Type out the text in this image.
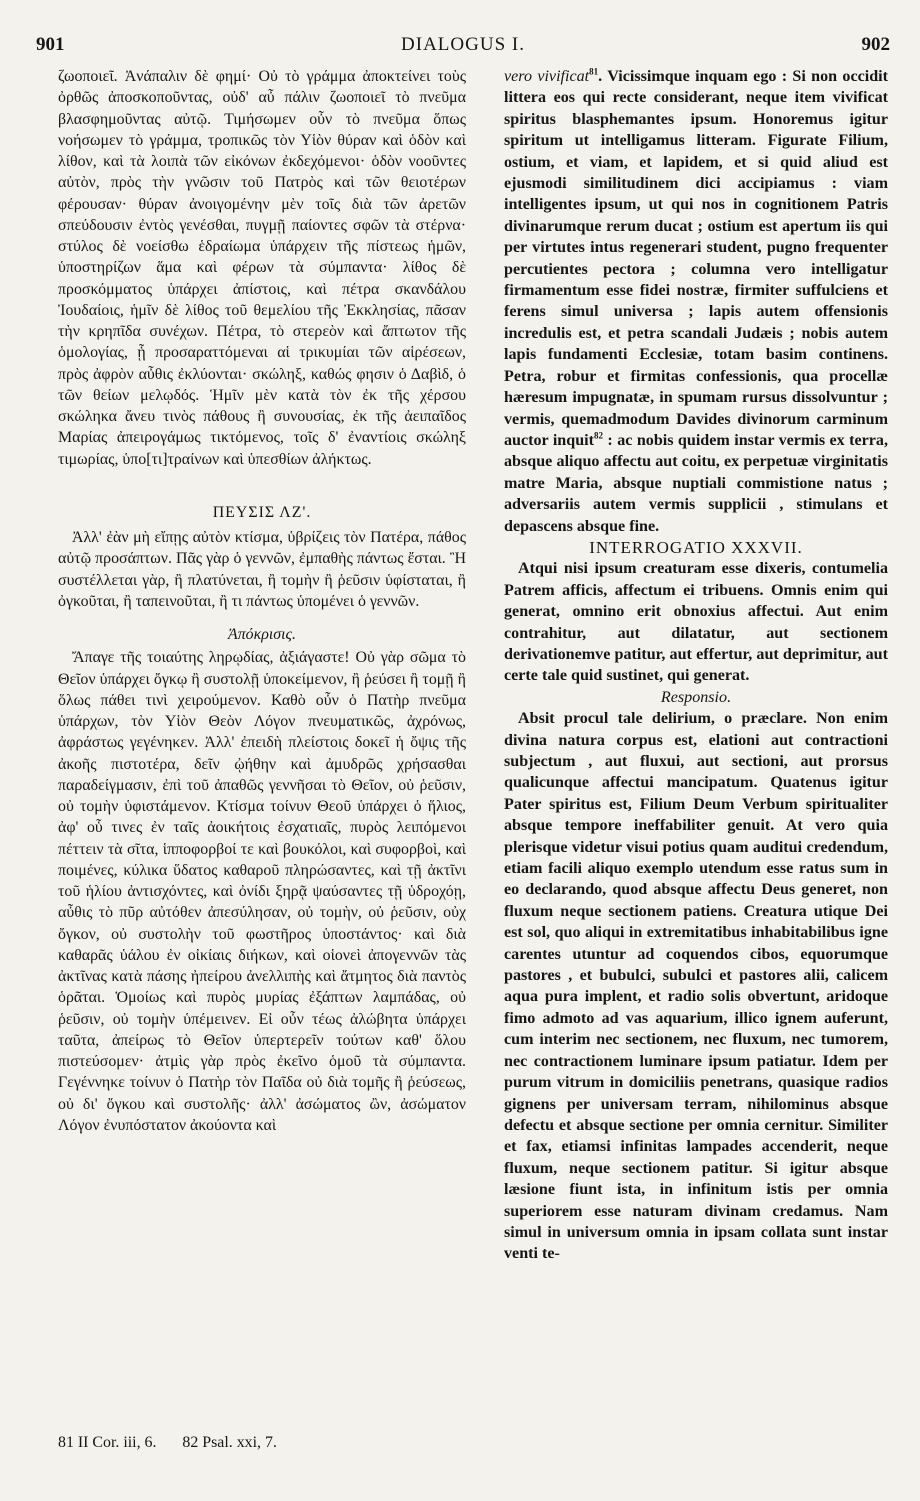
901	DIALOGUS I.	902

ζωοποιεῖ. Ἀνάπαλιν δὲ φημί· Οὐ τὸ γράμμα ἀποκτείνει τοὺς ὀρθῶς ἀποσκοποῦντας, οὐδ' αὖ πάλιν ζωοποιεῖ τὸ πνεῦμα βλασφημοῦντας αὐτῷ. Τιμήσωμεν οὖν τὸ πνεῦμα ὅπως νοήσωμεν τὸ γράμμα, τροπικῶς τὸν Υἱὸν θύραν καὶ ὁδὸν καὶ λίθον, καὶ τὰ λοιπὰ τῶν εἰκόνων ἐκδεχόμενοι· ὁδὸν νοοῦντες αὐτὸν, πρὸς τὴν γνῶσιν τοῦ Πατρὸς καὶ τῶν θειοτέρων φέρουσαν· θύραν ἀνοιγομένην μὲν τοῖς διὰ τῶν ἀρετῶν σπεύδουσιν ἐντὸς γενέσθαι, πυγμῇ παίοντες σφῶν τὰ στέρνα· στύλος δὲ νοείσθω ἑδραίωμα ὑπάρχειν τῆς πίστεως ἡμῶν, ὑποστηρίζων ἅμα καὶ φέρων τὰ σύμπαντα· λίθος δὲ προσκόμματος ὑπάρχει ἀπίστοις, καὶ πέτρα σκανδάλου Ἰουδαίοις, ἡμῖν δὲ λίθος τοῦ θεμελίου τῆς Ἐκκλησίας, πᾶσαν τὴν κρηπῖδα συνέχων. Πέτρα, τὸ στερεὸν καὶ ἄπτωτον τῆς ὁμολογίας, ᾗ προσαραττόμεναι αἱ τρικυμίαι τῶν αἱρέσεων, πρὸς ἀφρὸν αὖθις ἐκλύονται· σκώληξ, καθώς φησιν ὁ Δαβὶδ, ὁ τῶν θείων μελῳδός. Ἡμῖν μὲν κατὰ τὸν ἐκ τῆς χέρσου σκώληκα ἄνευ τινὸς πάθους ἢ συνουσίας, ἐκ τῆς ἀειπαῖδος Μαρίας ἀπειρογάμως τικτόμενος, τοῖς δ' ἐναντίοις σκώληξ τιμωρίας, ὑπο[τι]τραίνων καὶ ὑπεσθίων ἀλήκτως.

ΠΕΥΣΙΣ ΛΖ'.

Ἀλλ' ἐὰν μὴ εἴπῃς αὐτὸν κτίσμα, ὑβρίζεις τὸν Πατέρα, πάθος αὐτῷ προσάπτων. Πᾶς γὰρ ὁ γεννῶν, ἐμπαθὴς πάντως ἔσται. Ἢ συστέλλεται γὰρ, ἢ πλατύνεται, ἢ τομὴν ἢ ῥεῦσιν ὑφίσταται, ἢ ὀγκοῦται, ἢ ταπεινοῦται, ἢ τι πάντως ὑπομένει ὁ γεννῶν.

Ἀπόκρισις.

Ἄπαγε τῆς τοιαύτης ληρῳδίας, ἀξιάγαστε! Οὐ γὰρ σῶμα τὸ Θεῖον ὑπάρχει ὄγκῳ ἢ συστολῇ ὑποκείμενον, ἢ ῥεύσει ἢ τομῇ ἢ ὅλως πάθει τινὶ χειρούμενον. Καθὸ οὖν ὁ Πατὴρ πνεῦμα ὑπάρχων, τὸν Υἱὸν Θεὸν Λόγον πνευματικῶς, ἀχρόνως, ἀφράστως γεγένηκεν. Ἀλλ' ἐπειδὴ πλείστοις δοκεῖ ἡ ὄψις τῆς ἀκοῆς πιστοτέρα, δεῖν ᾠήθην καὶ ἀμυδρῶς χρήσασθαι παραδείγμασιν, ἐπὶ τοῦ ἀπαθῶς γεννῆσαι τὸ Θεῖον, οὐ ῥεῦσιν, οὐ τομὴν ὑφιστάμενον. Κτίσμα τοίνυν Θεοῦ ὑπάρχει ὁ ἥλιος, ἀφ' οὗ τινες ἐν ταῖς ἀοικήτοις ἐσχατιαῖς, πυρὸς λειπόμενοι πέττειν τὰ σῖτα, ἱπποφορβοί τε καὶ βουκόλοι, καὶ συφορβοὶ, καὶ ποιμένες, κύλικα ὕδατος καθαροῦ πληρώσαντες, καὶ τῇ ἀκτῖνι τοῦ ἡλίου ἀντισχόντες, καὶ ὀνίδι ξηρᾷ ψαύσαντες τῇ ὑδροχόῃ, αὖθις τὸ πῦρ αὐτόθεν ἀπεσύλησαν, οὐ τομὴν, οὐ ῥεῦσιν, οὐχ ὄγκον, οὐ συστολὴν τοῦ φωστῆρος ὑποστάντος· καὶ διὰ καθαρᾶς ὑάλου ἐν οἰκίαις διήκων, καὶ οἱονεὶ ἀπογεννῶν τὰς ἀκτῖνας κατὰ πάσης ἠπείρου ἀνελλιπὴς καὶ ἄτμητος διὰ παντὸς ὁρᾶται. Ὁμοίως καὶ πυρὸς μυρίας ἐξάπτων λαμπάδας, οὐ ῥεῦσιν, οὐ τομὴν ὑπέμεινεν. Εἰ οὖν τέως ἀλώβητα ὑπάρχει ταῦτα, ἀπείρως τὸ Θεῖον ὑπερτερεῖν τούτων καθ' ὅλου πιστεύσομεν· ἀτμὶς γὰρ πρὸς ἐκεῖνο ὁμοῦ τὰ σύμπαντα. Γεγέννηκε τοίνυν ὁ Πατὴρ τὸν Παῖδα οὐ διὰ τομῆς ἢ ῥεύσεως, οὐ δι' ὄγκου καὶ συστολῆς· ἀλλ' ἀσώματος ὢν, ἀσώματον Λόγον ἐνυπόστατον ἀκούοντα καὶ

vero vivificat$^{81}$. Vicissimque inquam ego : Si non occidit littera eos qui recte considerant, neque item vivificat spiritus blasphemantes ipsum. Honoremus igitur spiritum ut intelligamus litteram. Figurate Filium, ostium, et viam, et lapidem, et si quid aliud est ejusmodi similitudinem dici accipiamus : viam intelligentes ipsum, ut qui nos in cognitionem Patris divinarumque rerum ducat ; ostium est apertum iis qui per virtutes intus regenerari student, pugno frequenter percutientes pectora ; columna vero intelligatur firmamentum esse fidei nostræ, firmiter suffulciens et ferens simul universa ; lapis autem offensionis incredulis est, et petra scandali Judæis ; nobis autem lapis fundamenti Ecclesiæ, totam basim continens. Petra, robur et firmitas confessionis, qua procellæ hæresum impugnatæ, in spumam rursus dissolvuntur ; vermis, quemadmodum Davides divinorum carminum auctor inquit$^{82}$ : ac nobis quidem instar vermis ex terra, absque aliquo affectu aut coitu, ex perpetuæ virginitatis matre Maria, absque nuptiali commistione natus ; adversariis autem vermis supplicii , stimulans et depascens absque fine.

INTERROGATIO XXXVII.

Atqui nisi ipsum creaturam esse dixeris, contumelia Patrem afficis, affectum ei tribuens. Omnis enim qui generat, omnino erit obnoxius affectui. Aut enim contrahitur, aut dilatatur, aut sectionem derivationemve patitur, aut effertur, aut deprimitur, aut certe tale quid sustinet, qui generat.

Responsio.

Absit procul tale delirium, o præclare. Non enim divina natura corpus est, elationi aut contractioni subjectum , aut fluxui, aut sectioni, aut prorsus qualicunque affectui mancipatum. Quatenus igitur Pater spiritus est, Filium Deum Verbum spiritualiter absque tempore ineffabiliter genuit. At vero quia plerisque videtur visui potius quam auditui credendum, etiam facili aliquo exemplo utendum esse ratus sum in eo declarando, quod absque affectu Deus generet, non fluxum neque sectionem patiens. Creatura utique Dei est sol, quo aliqui in extremitatibus inhabitabilibus igne carentes utuntur ad coquendos cibos, equorumque pastores , et bubulci, subulci et pastores alii, calicem aqua pura implent, et radio solis obvertunt, aridoque fimo admoto ad vas aquarium, illico ignem auferunt, cum interim nec sectionem, nec fluxum, nec tumorem, nec contractionem luminare ipsum patiatur. Idem per purum vitrum in domiciliis penetrans, quasique radios gignens per universam terram, nihilominus absque defectu et absque sectione per omnia cernitur. Similiter et fax, etiamsi infinitas lampades accenderit, neque fluxum, neque sectionem patitur. Si igitur absque læsione fiunt ista, in infinitum istis per omnia superiorem esse naturam divinam credamus. Nam simul in universum omnia in ipsam collata sunt instar venti te-

81 II Cor. iii, 6. 82 Psal. xxi, 7.
